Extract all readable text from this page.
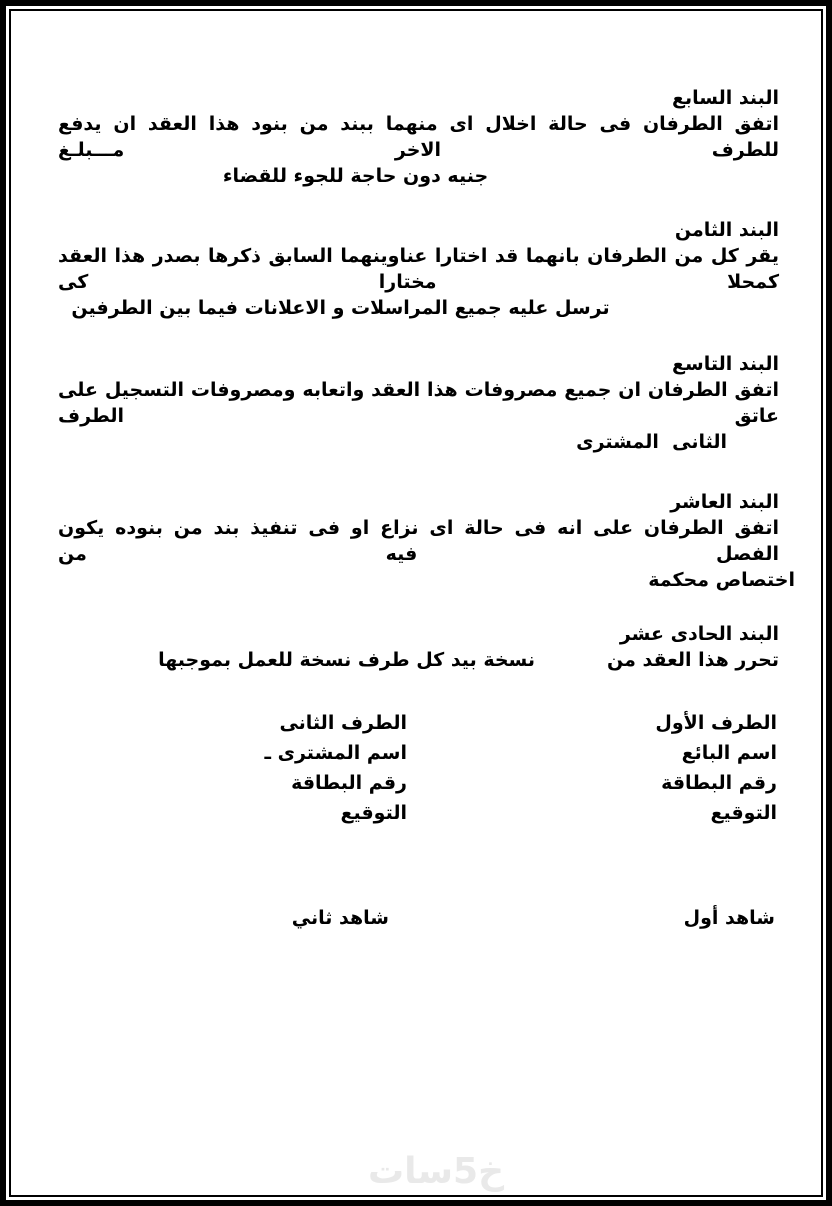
البند السابع
اتفق الطرفان فى حالة اخلال اى منهما ببند من بنود هذا العقد ان يدفع للطرف الاخر مـــبلـغ
جنيه دون حاجة للجوء للقضاء
البند الثامن
يقر كل من الطرفان بانهما قد اختارا عناوينهما السابق ذكرها بصدر هذا العقد كمحلا مختارا كى
ترسل عليه جميع المراسلات و الاعلانات فيما بين الطرفين
البند التاسع
اتفق الطرفان ان جميع مصروفات هذا العقد واتعابه ومصروفات التسجيل على عاتق الطرف
الثانى  المشترى
البند العاشر
اتفق الطرفان على انه فى حالة اى نزاع او فى تنفيذ بند من بنوده يكون الفصل فيه من
اختصاص محكمة
البند الحادى عشر
تحرر هذا العقد من
نسخة بيد كل طرف نسخة للعمل بموجبها
الطرف الأول
الطرف الثانى
اسم البائع
اسم المشترى ـ
رقم البطاقة
رقم البطاقة
التوقيع
التوقيع
شاهد أول
شاهد ثاني
خ5سات
